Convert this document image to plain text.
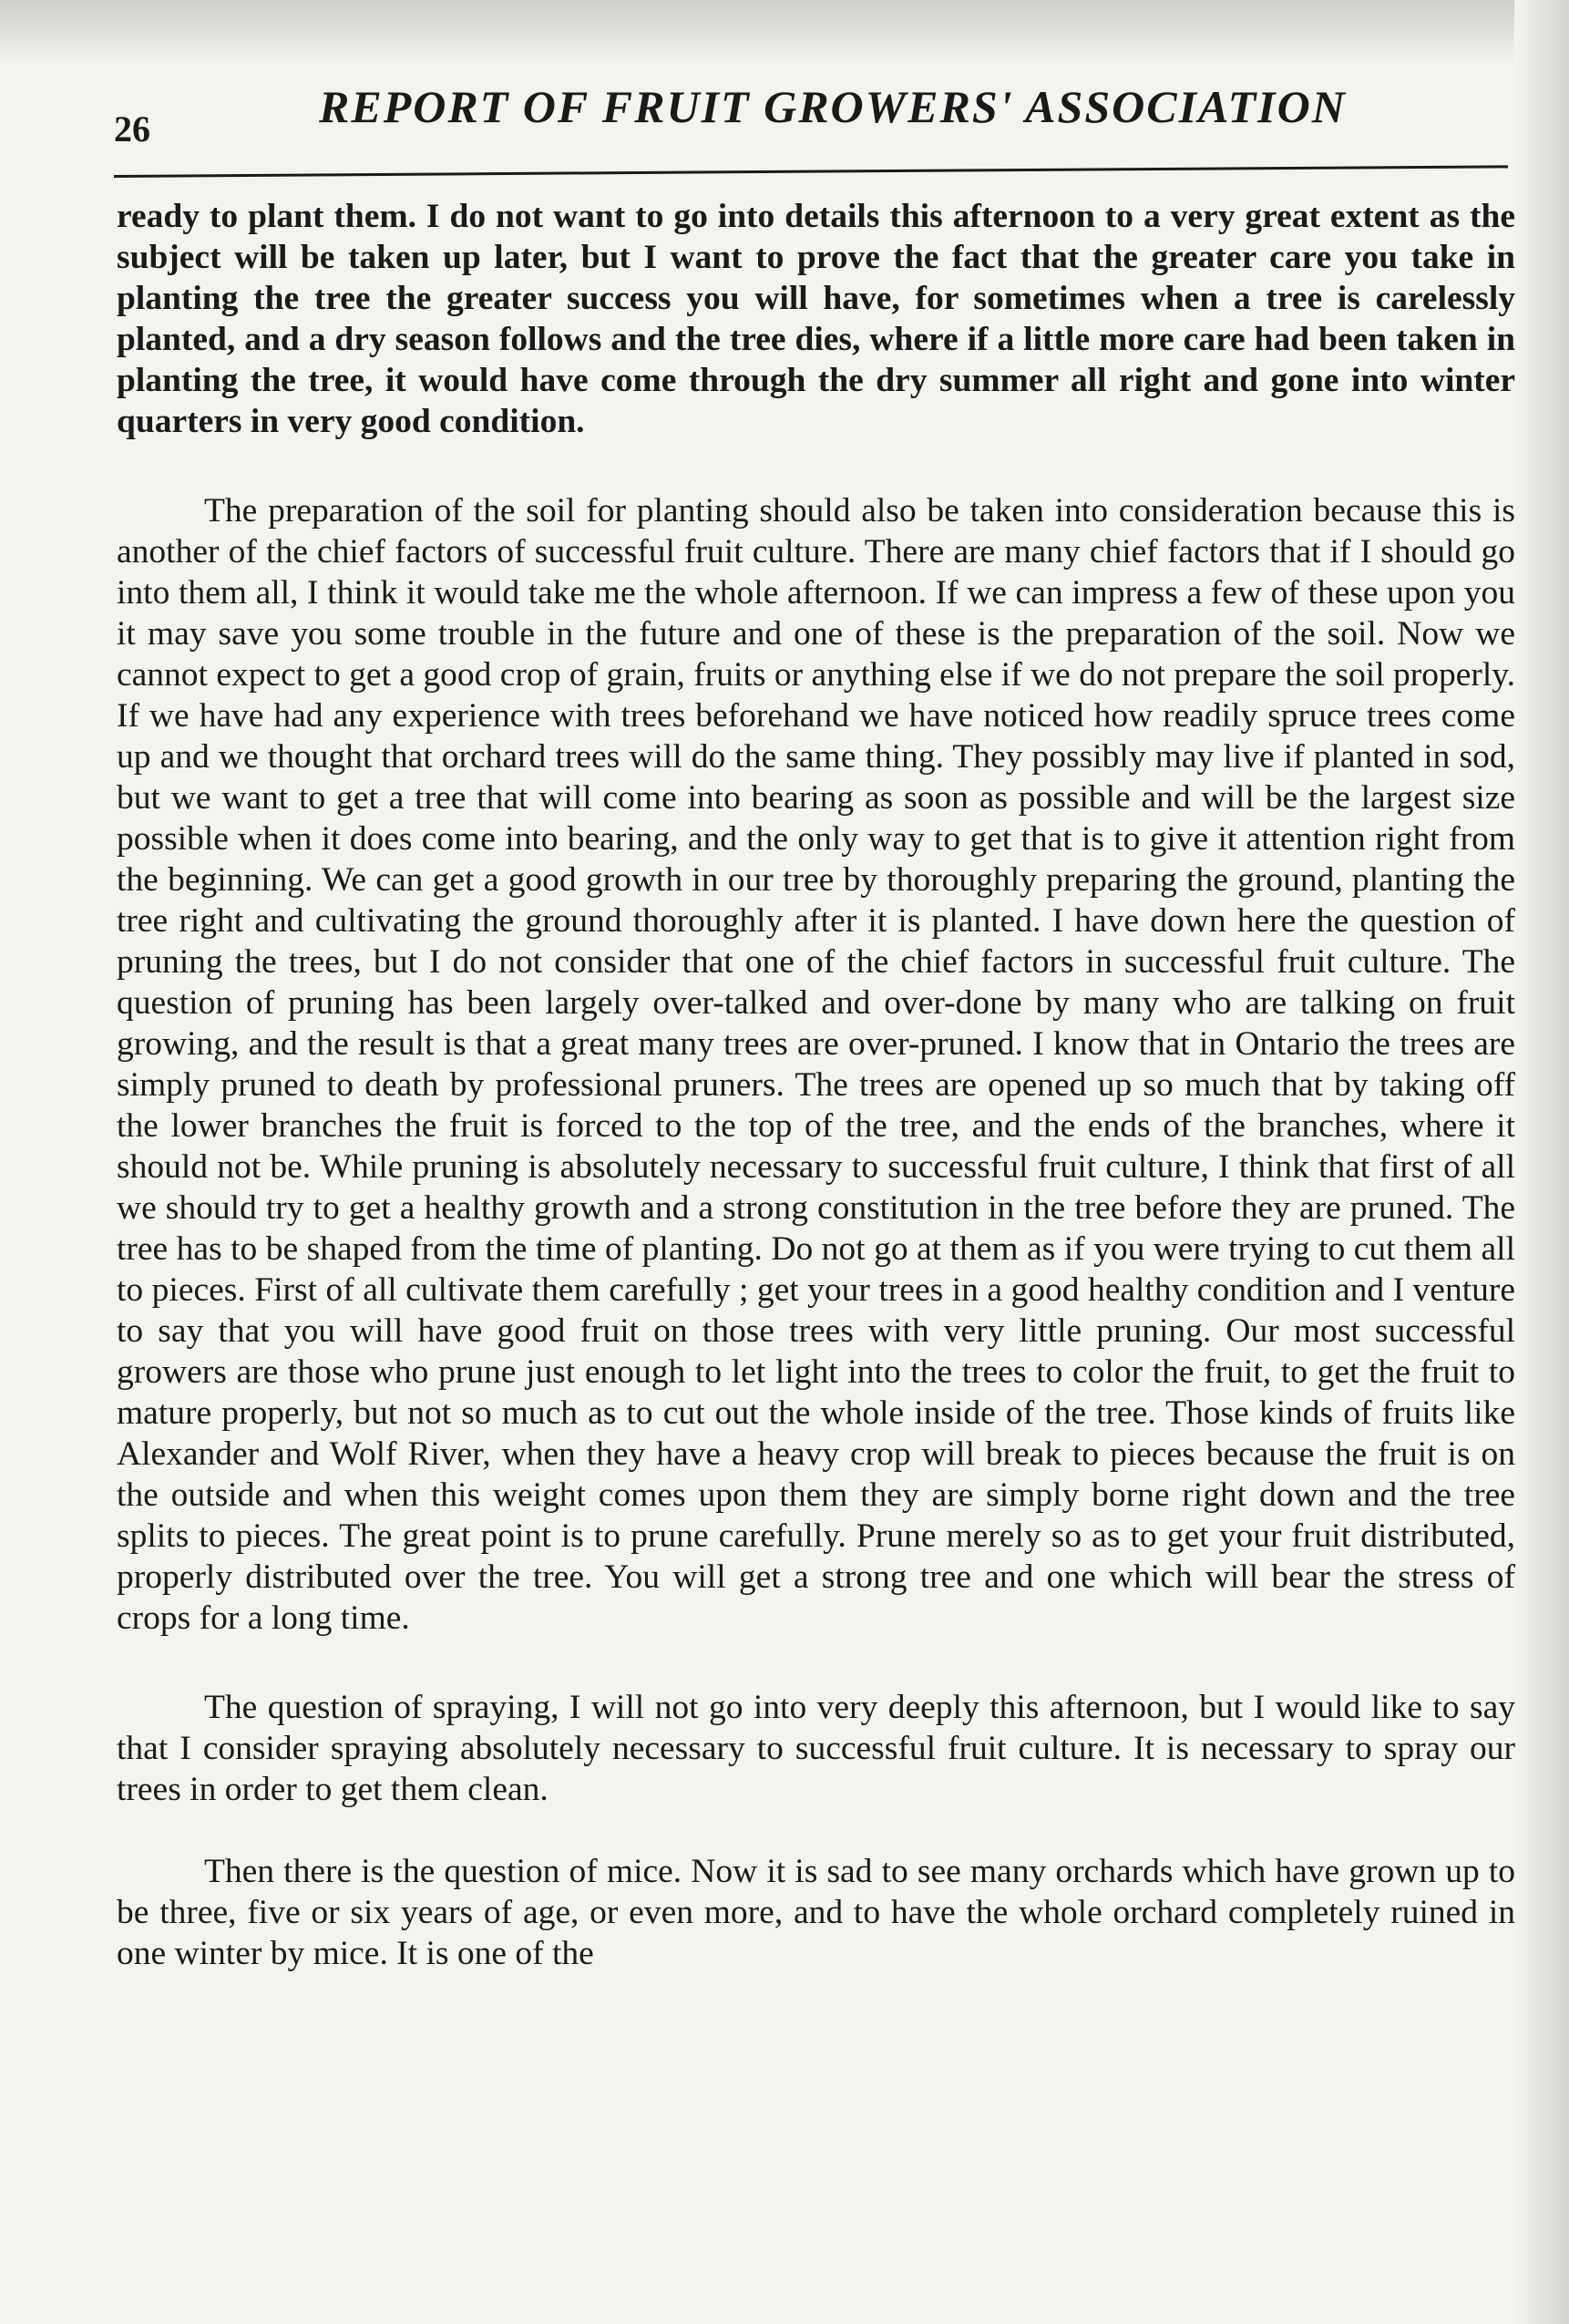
26	REPORT OF FRUIT GROWERS' ASSOCIATION

ready to plant them. I do not want to go into details this afternoon to a very great extent as the subject will be taken up later, but I want to prove the fact that the greater care you take in planting the tree the greater success you will have, for sometimes when a tree is carelessly planted, and a dry season follows and the tree dies, where if a little more care had been taken in planting the tree, it would have come through the dry summer all right and gone into winter quarters in very good condition.

The preparation of the soil for planting should also be taken into consideration because this is another of the chief factors of successful fruit culture. There are many chief factors that if I should go into them all, I think it would take me the whole afternoon. If we can impress a few of these upon you it may save you some trouble in the future and one of these is the preparation of the soil. Now we cannot expect to get a good crop of grain, fruits or anything else if we do not prepare the soil properly. If we have had any experience with trees beforehand we have noticed how readily spruce trees come up and we thought that orchard trees will do the same thing. They possibly may live if planted in sod, but we want to get a tree that will come into bearing as soon as possible and will be the largest size possible when it does come into bearing, and the only way to get that is to give it attention right from the beginning. We can get a good growth in our tree by thoroughly preparing the ground, planting the tree right and cultivating the ground thoroughly after it is planted. I have down here the question of pruning the trees, but I do not consider that one of the chief factors in successful fruit culture. The question of pruning has been largely over-talked and over-done by many who are talking on fruit growing, and the result is that a great many trees are over-pruned. I know that in Ontario the trees are simply pruned to death by professional pruners. The trees are opened up so much that by taking off the lower branches the fruit is forced to the top of the tree, and the ends of the branches, where it should not be. While pruning is absolutely necessary to successful fruit culture, I think that first of all we should try to get a healthy growth and a strong constitution in the tree before they are pruned. The tree has to be shaped from the time of planting. Do not go at them as if you were trying to cut them all to pieces. First of all cultivate them carefully ; get your trees in a good healthy condition and I venture to say that you will have good fruit on those trees with very little pruning. Our most successful growers are those who prune just enough to let light into the trees to color the fruit, to get the fruit to mature properly, but not so much as to cut out the whole inside of the tree. Those kinds of fruits like Alexander and Wolf River, when they have a heavy crop will break to pieces because the fruit is on the outside and when this weight comes upon them they are simply borne right down and the tree splits to pieces. The great point is to prune carefully. Prune merely so as to get your fruit distributed, properly distributed over the tree. You will get a strong tree and one which will bear the stress of crops for a long time.

The question of spraying, I will not go into very deeply this afternoon, but I would like to say that I consider spraying absolutely necessary to successful fruit culture. It is necessary to spray our trees in order to get them clean.

Then there is the question of mice. Now it is sad to see many orchards which have grown up to be three, five or six years of age, or even more, and to have the whole orchard completely ruined in one winter by mice. It is one of the
